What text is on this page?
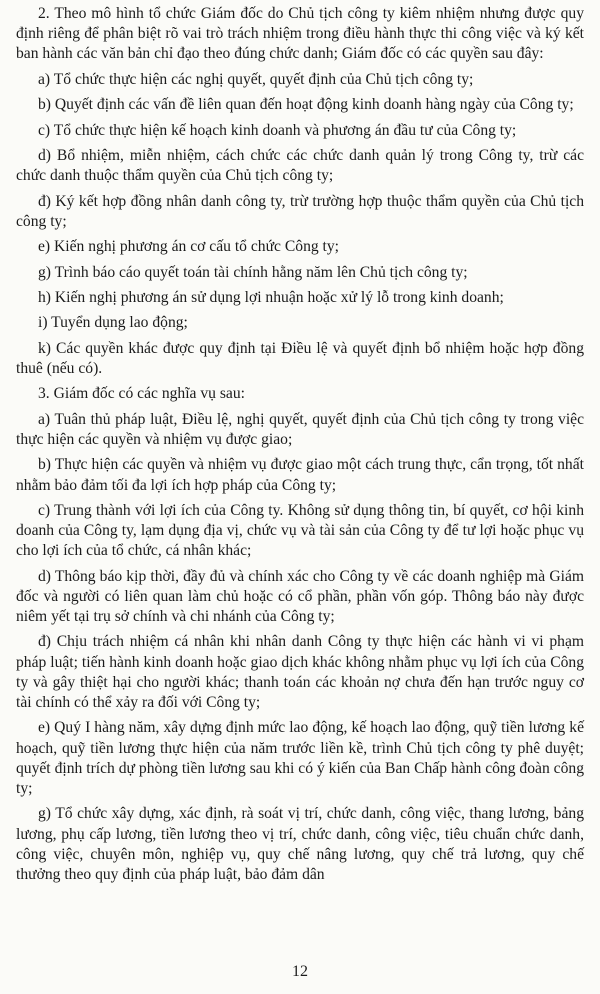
2. Theo mô hình tổ chức Giám đốc do Chủ tịch công ty kiêm nhiệm nhưng được quy định riêng để phân biệt rõ vai trò trách nhiệm trong điều hành thực thi công việc và ký kết ban hành các văn bản chỉ đạo theo đúng chức danh; Giám đốc có các quyền sau đây:

a) Tổ chức thực hiện các nghị quyết, quyết định của Chủ tịch công ty;

b) Quyết định các vấn đề liên quan đến hoạt động kinh doanh hàng ngày của Công ty;

c) Tổ chức thực hiện kế hoạch kinh doanh và phương án đầu tư của Công ty;

d) Bổ nhiệm, miễn nhiệm, cách chức các chức danh quản lý trong Công ty, trừ các chức danh thuộc thẩm quyền của Chủ tịch công ty;

đ) Ký kết hợp đồng nhân danh công ty, trừ trường hợp thuộc thẩm quyền của Chủ tịch công ty;

e) Kiến nghị phương án cơ cấu tổ chức Công ty;

g) Trình báo cáo quyết toán tài chính hằng năm lên Chủ tịch công ty;

h) Kiến nghị phương án sử dụng lợi nhuận hoặc xử lý lỗ trong kinh doanh;

i) Tuyển dụng lao động;

k) Các quyền khác được quy định tại Điều lệ và quyết định bổ nhiệm hoặc hợp đồng thuê (nếu có).

3. Giám đốc có các nghĩa vụ sau:

a) Tuân thủ pháp luật, Điều lệ, nghị quyết, quyết định của Chủ tịch công ty trong việc thực hiện các quyền và nhiệm vụ được giao;

b) Thực hiện các quyền và nhiệm vụ được giao một cách trung thực, cẩn trọng, tốt nhất nhằm bảo đảm tối đa lợi ích hợp pháp của Công ty;

c) Trung thành với lợi ích của Công ty. Không sử dụng thông tin, bí quyết, cơ hội kinh doanh của Công ty, lạm dụng địa vị, chức vụ và tài sản của Công ty để tư lợi hoặc phục vụ cho lợi ích của tổ chức, cá nhân khác;

d) Thông báo kịp thời, đầy đủ và chính xác cho Công ty về các doanh nghiệp mà Giám đốc và người có liên quan làm chủ hoặc có cổ phần, phần vốn góp. Thông báo này được niêm yết tại trụ sở chính và chi nhánh của Công ty;

đ) Chịu trách nhiệm cá nhân khi nhân danh Công ty thực hiện các hành vi vi phạm pháp luật; tiến hành kinh doanh hoặc giao dịch khác không nhằm phục vụ lợi ích của Công ty và gây thiệt hại cho người khác; thanh toán các khoản nợ chưa đến hạn trước nguy cơ tài chính có thể xảy ra đối với Công ty;

e) Quý I hàng năm, xây dựng định mức lao động, kế hoạch lao động, quỹ tiền lương kế hoạch, quỹ tiền lương thực hiện của năm trước liền kề, trình Chủ tịch công ty phê duyệt; quyết định trích dự phòng tiền lương sau khi có ý kiến của Ban Chấp hành công đoàn công ty;

g) Tổ chức xây dựng, xác định, rà soát vị trí, chức danh, công việc, thang lương, bảng lương, phụ cấp lương, tiền lương theo vị trí, chức danh, công việc, tiêu chuẩn chức danh, công việc, chuyên môn, nghiệp vụ, quy chế nâng lương, quy chế trả lương, quy chế thưởng theo quy định của pháp luật, bảo đảm dân

12
